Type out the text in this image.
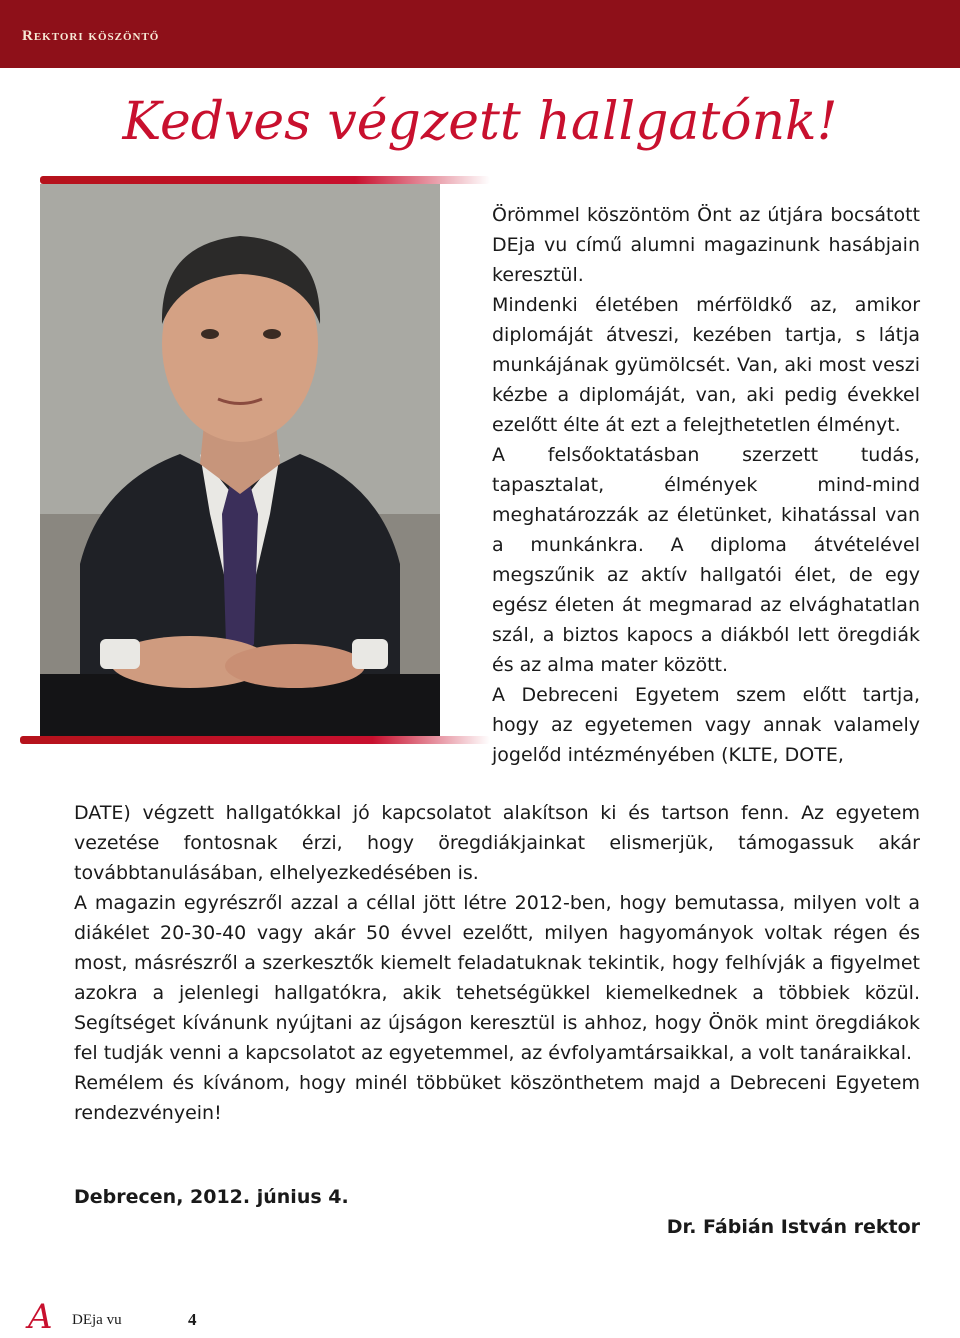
Rektori köszöntő
Kedves végzett hallgatónk!

Örömmel köszöntöm Önt az útjára bocsátott DEja vu című alumni magazinunk hasábjain keresztül.

Mindenki életében mérföldkő az, amikor diplomáját átveszi, kezében tartja, s látja munkájának gyümölcsét. Van, aki most veszi kézbe a diplomáját, van, aki pedig évekkel ezelőtt élte át ezt a felejthetetlen élményt.

A felsőoktatásban szerzett tudás, tapasztalat, élmények mind-mind meghatározzák az életünket, kihatással van a munkánkra. A diploma átvételével megszűnik az aktív hallgatói élet, de egy egész életen át megmarad az elvághatatlan szál, a biztos kapocs a diákból lett öregdiák és az alma mater között.

A Debreceni Egyetem szem előtt tartja, hogy az egyetemen vagy annak valamely jogelőd intézményében (KLTE, DOTE,

DATE) végzett hallgatókkal jó kapcsolatot alakítson ki és tartson fenn. Az egyetem vezetése fontosnak érzi, hogy öregdiákjainkat elismerjük, támogassuk akár továbbtanulásában, elhelyezkedésében is.

A magazin egyrészről azzal a céllal jött létre 2012-ben, hogy bemutassa, milyen volt a diákélet 20-30-40 vagy akár 50 évvel ezelőtt, milyen hagyományok voltak régen és most, másrészről a szerkesztők kiemelt feladatuknak tekintik, hogy felhívják a figyelmet azokra a jelenlegi hallgatókra, akik tehetségükkel kiemelkednek a többiek közül. Segítséget kívánunk nyújtani az újságon keresztül is ahhoz, hogy Önök mint öregdiákok fel tudják venni a kapcsolatot az egyetemmel, az évfolyamtársaikkal, a volt tanáraikkal.

Remélem és kívánom, hogy minél többüket köszönthetem majd a Debreceni Egyetem rendezvényein!

Debrecen, 2012. június 4.
Dr. Fábián István rektor
A DEja vu	4
